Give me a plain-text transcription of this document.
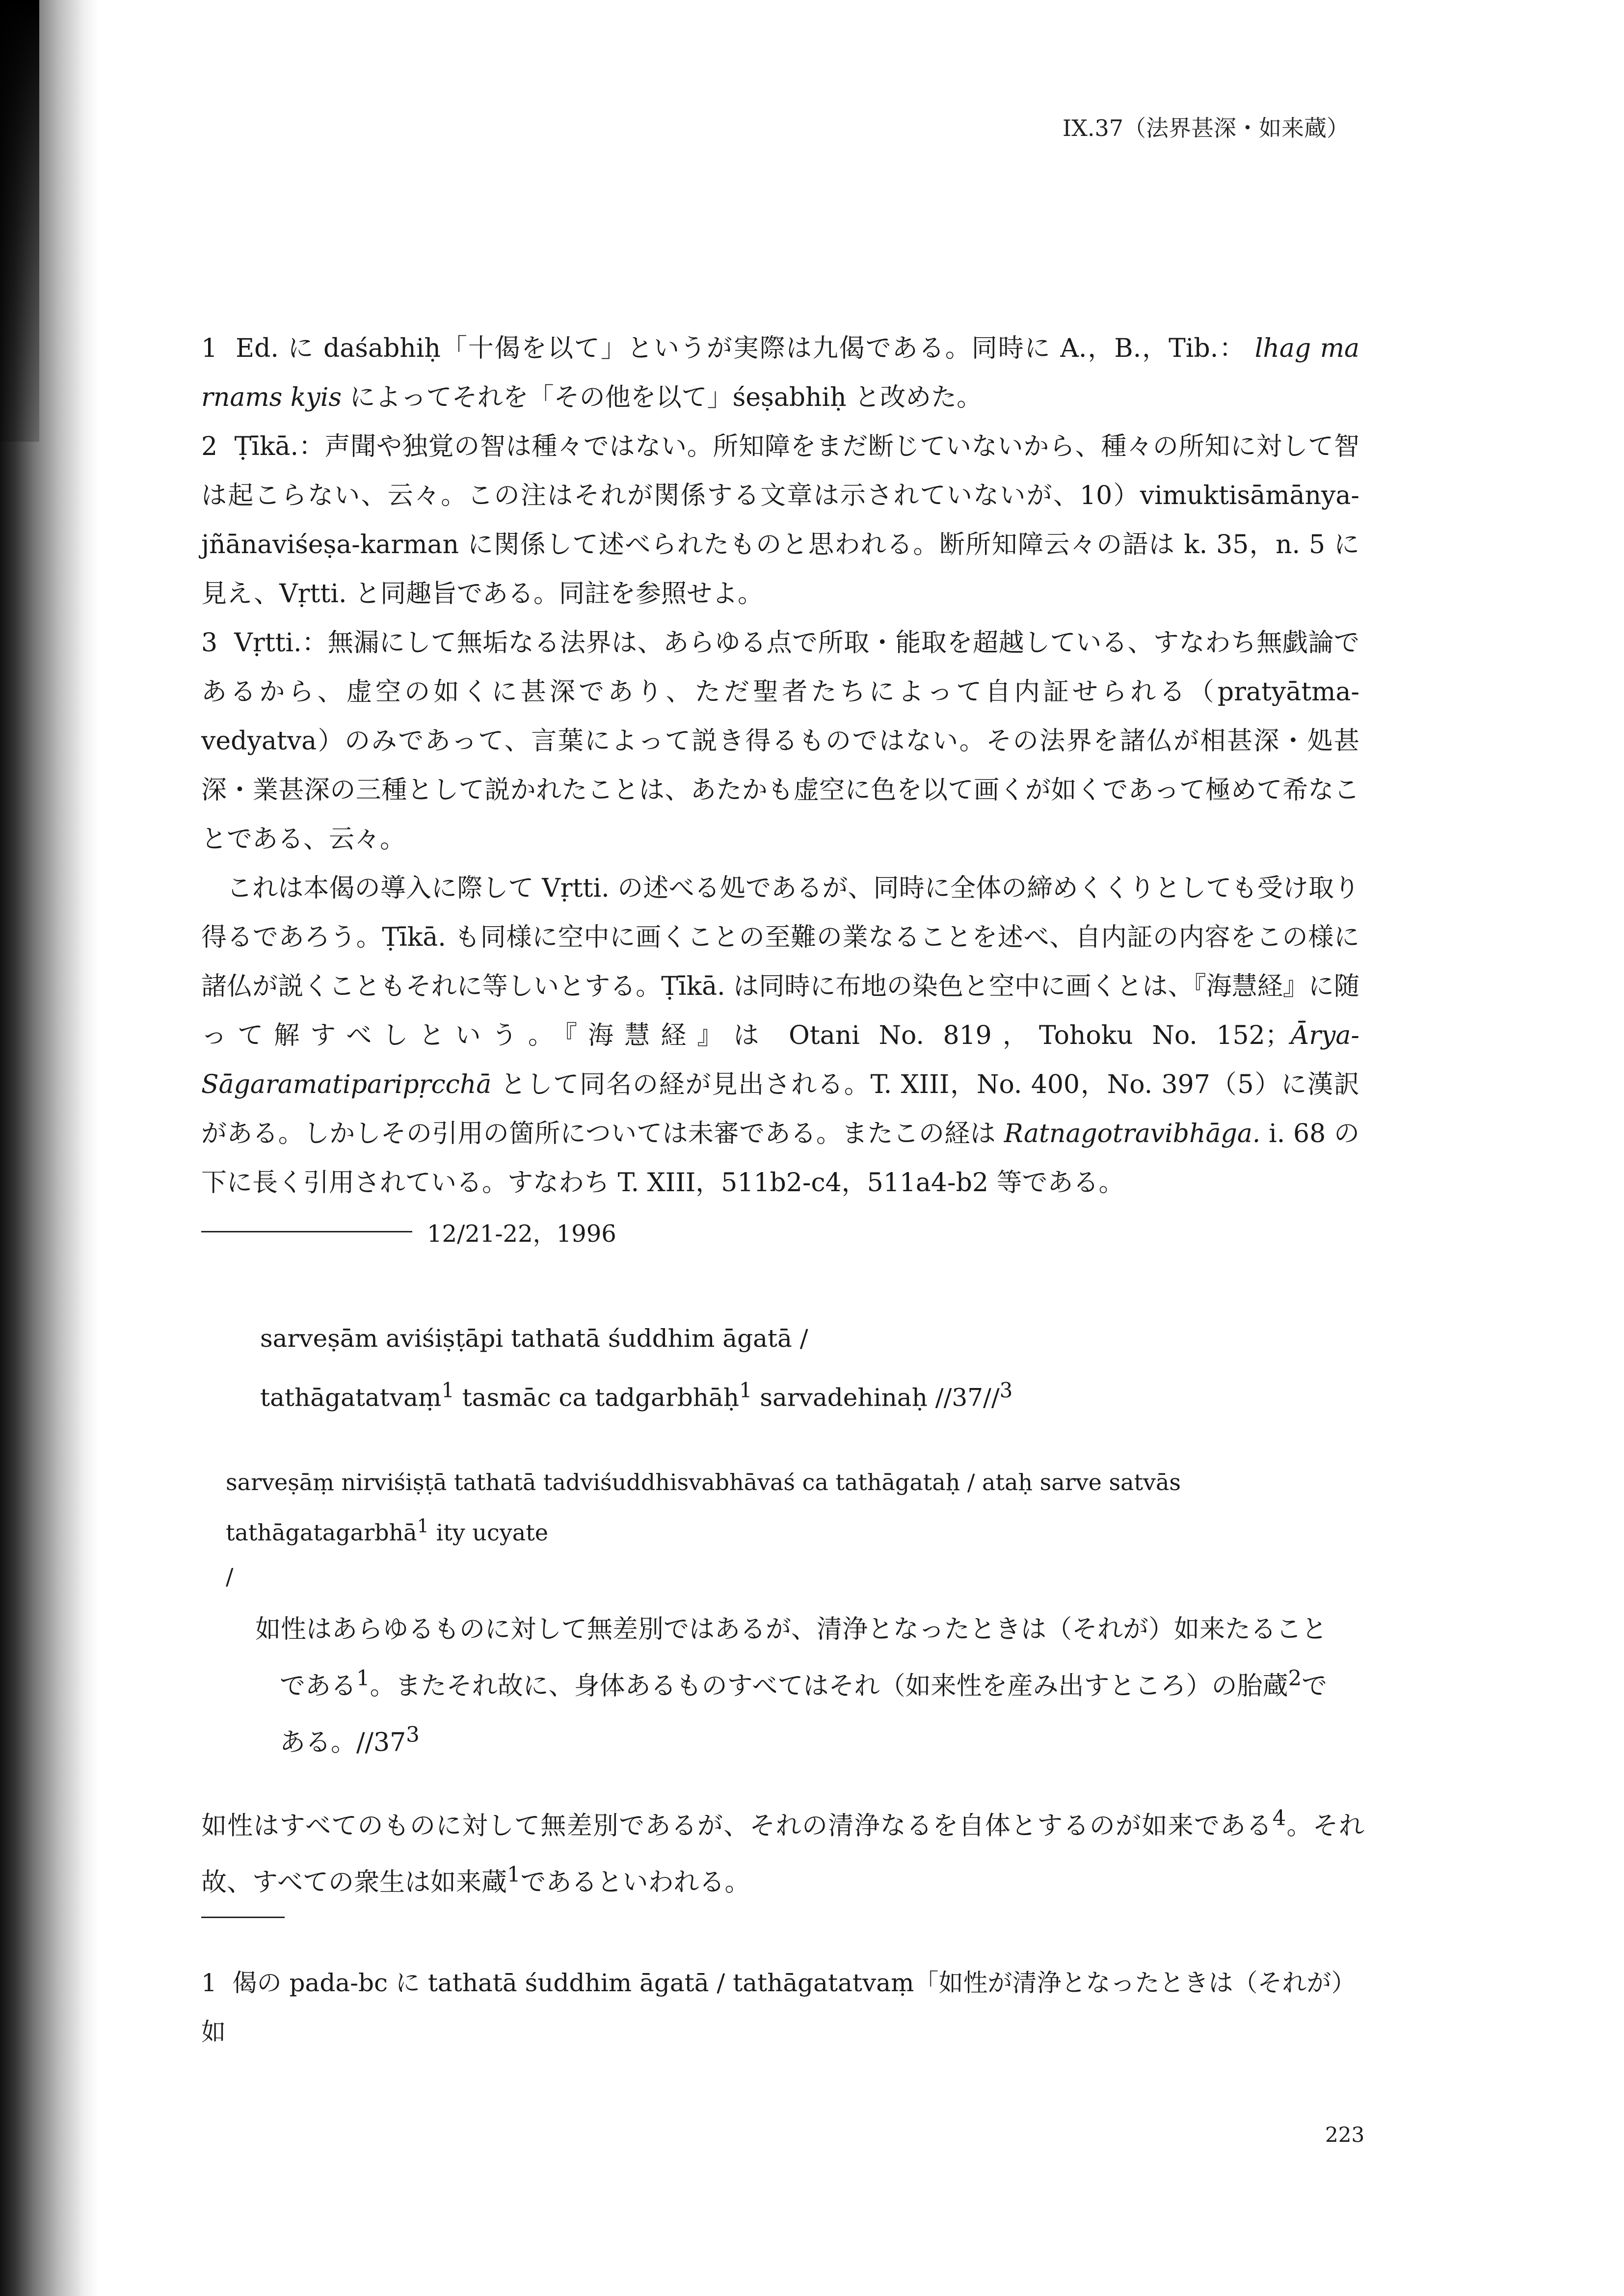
IX.37（法界甚深・如来蔵）

1 Ed. に daśabhiḥ「十偈を以て」というが実際は九偈である。同時に A.，B.，Tib.： lhag ma rnams kyis によってそれを「その他を以て」śeṣabhiḥ と改めた。

2 Ṭīkā.：声聞や独覚の智は種々ではない。所知障をまだ断じていないから、種々の所知に対して智は起こらない、云々。この注はそれが関係する文章は示されていないが、10）vimuktisāmānya-jñānaviśeṣa-karman に関係して述べられたものと思われる。断所知障云々の語は k. 35，n. 5 に見え、Vṛtti. と同趣旨である。同註を参照せよ。

3 Vṛtti.：無漏にして無垢なる法界は、あらゆる点で所取・能取を超越している、すなわち無戯論であるから、虚空の如くに甚深であり、ただ聖者たちによって自内証せられる（pratyātma-vedyatva）のみであって、言葉によって説き得るものではない。その法界を諸仏が相甚深・処甚深・業甚深の三種として説かれたことは、あたかも虚空に色を以て画くが如くであって極めて希なことである、云々。

これは本偈の導入に際して Vṛtti. の述べる処であるが、同時に全体の締めくくりとしても受け取り得るであろう。Ṭīkā. も同様に空中に画くことの至難の業なることを述べ、自内証の内容をこの様に諸仏が説くこともそれに等しいとする。Ṭīkā. は同時に布地の染色と空中に画くとは、『海慧経』に随って解すべしという。『海慧経』は Otani No. 819，Tohoku No. 152；Ārya-Sāgaramatiparipṛcchā として同名の経が見出される。T. XIII，No. 400，No. 397（5）に漢訳がある。しかしその引用の箇所については未審である。またこの経は Ratnagotravibhāga. i. 68 の下に長く引用されている。すなわち T. XIII，511b2-c4，511a4-b2 等である。

12/21-22，1996
sarveṣām aviśiṣṭāpi tathatā śuddhim āgatā /
tathāgatatvaṃ$^1$ tasmāc ca tadgarbhāḥ$^1$ sarvadehinaḥ //37//$^3$
sarveṣāṃ nirviśiṣṭā tathatā tadviśuddhisvabhāvaś ca tathāgataḥ / ataḥ sarve satvās tathāgatagarbhā$^1$ ity ucyate
/

如性はあらゆるものに対して無差別ではあるが、清浄となったときは（それが）如来たること

である$^1$。またそれ故に、身体あるものすべてはそれ（如来性を産み出すところ）の胎蔵$^2$で

ある。$//37^3$

如性はすべてのものに対して無差別であるが、それの清浄なるを自体とするのが如来である$^4$。それ故、すべての衆生は如来蔵$^1$であるといわれる。

1 偈の pada-bc に tathatā śuddhim āgatā / tathāgatatvaṃ「如性が清浄となったときは（それが）如
223
